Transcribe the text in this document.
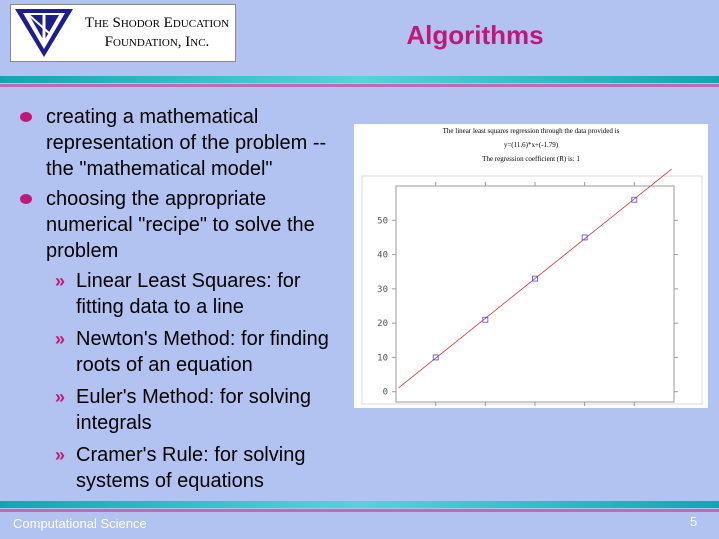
The Shodor Education
Foundation, Inc.	Algorithms
creating a mathematical representation of the problem -- the "mathematical model"
choosing the appropriate numerical "recipe" to solve the problem
» Linear Least Squares: for fitting data to a line
» Newton's Method: for finding roots of an equation
» Euler's Method: for solving integrals
» Cramer's Rule: for solving systems of equations
The linear least squares regression through the data provided is
y=(11.6)*x+(-1.79)
The regression coefficient (R) is: 1
0
10
20
30
40
50
Computational Science	5
